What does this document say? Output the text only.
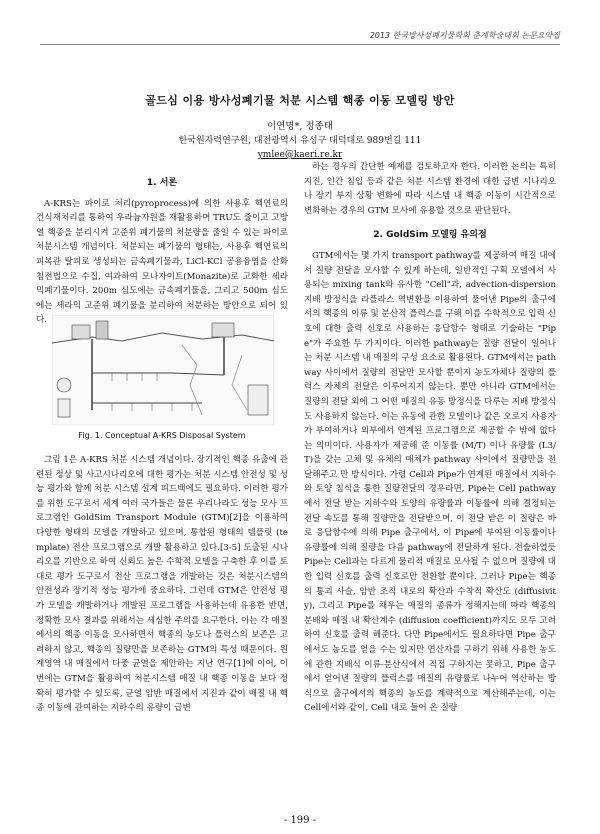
2013 한국방사성폐기물학회 춘계학술대회 논문요약집
골드심 이용 방사성폐기물 처분 시스템 핵종 이동 모델링 방안
이연명*, 정종태
한국원자력연구원, 대전광역시 유성구 대덕대로 989번길 111
ymlee@kaeri.re.kr
1. 서론

A-KRS는 파이로 처리(pyroprocess)에 의한 사용후 핵연료의 건식재처리를 통하여 우라늄자원을 재활용하며 TRU도 줄이고 고방열 핵종을 분리시켜 고준위 폐기물의 처분량을 줄일 수 있는 파이로 처분시스템 개념이다. 처분되는 폐기물의 형태는, 사용후 핵연료의 피복관 탈피로 생성되는 금속폐기물과, LiCl-KCl 공용융염을 산화침전법으로 수집, 여과하여 모나자이트(Monazite)로 고화한 세라믹폐기물이다. 200m 심도에는 금속폐기물을, 그리고 500m 심도에는 세라믹 고준위 폐기물을 분리하여 처분하는 방안으로 되어 있다.

Fig. 1. Conceptual A-KRS Disposal System

그림 1은 A-KRS 처분 시스템 개념이다. 장기적인 핵종 유출에 관련된 정상 및 사고시나리오에 대한 평가는 처분 시스템 안전성 및 성능 평가와 함께 처분 시스템 설계 피드백에도 필요하다. 이러한 평가를 위한 도구로서 세계 여러 국가들은 물론 우리나라도 성능 모사 프로그램인 GoldSim Transport Module (GTM)[2]을 이용하여 다양한 형태의 모델을 개발하고 있으며, 통합된 형태의 템플릿 (template) 전산 프로그램으로 개발 활용하고 있다.[3-5] 도출된 시나리오를 기반으로 하여 신뢰도 높은 수학적 모델을 구축한 후 이를 토대로 평가 도구로서 전산 프로그램을 개발하는 것은 처분시스템의 안전성과 장기적 성능 평가에 중요하다. 그런데 GTM은 안전성 평가 모델을 개발하거나 개발된 프로그램을 사용하는데 유용한 반면, 정확한 모사 결과를 위해서는 세심한 주의를 요구한다. 이는 각 매질에서의 핵종 이동을 모사하면서 핵종의 농도나 플럭스의 보존은 고려하지 않고, 핵종의 질량만을 보존하는 GTM의 특성 때문이다. 원계영역 내 매질에서 다중 균열을 제안하는 지난 연구[1]에 이어, 이번에는 GTM을 활용하여 처분시스템 매질 내 핵종 이동을 보다 정확히 평가할 수 있도록, 균열 암반 매질에서 지진과 같이 매질 내 핵종 이동에 관여하는 지하수의 유량이 급변

하는 경우의 간단한 예제를 검토하고자 한다. 이러한 논의는 특히 지진, 인간 침입 등과 같은 처분 시스템 환경에 대한 급변 시나리오나 장기 부지 상황 변화에 따라 시스템 내 핵종 이동이 시간적으로 변화하는 경우의 GTM 모사에 유용할 것으로 판단된다.

2. GoldSim 모델링 유의점

GTM에서는 몇 가지 transport pathway를 제공하여 매질 내에서 질량 전달을 모사할 수 있게 하는데, 일반적인 구획 모델에서 사용되는 mixing tank와 유사한 "Cell"과, advection-dispersion 지배 방정식을 라플라스 역변환을 이용하여 풀어낸 Pipe의 출구에서의 핵종의 이류 및 분산적 플럭스를 구해 이를 수학적으로 입력 신호에 대한 출력 신호로 사용하는 응답함수 형태로 기술하는 "Pipe"가 주요한 두 가지이다. 이러한 pathway는 질량 전달이 일어나는 처분 시스템 내 매질의 구성 요소로 활용된다. GTM에서는 pathway 사이에서 질량의 전달만 모사할 뿐이지 농도자체나 질량의 플럭스 자체의 전달은 이루어지지 않는다. 뿐만 아니라 GTM에서는 질량의 전달 외에 그 어떤 매질의 유동 방정식을 다루는 지배 방정식도 사용하지 않는다. 이는 유동에 관한 모델이나 값은 오로지 사용자가 부여하거나 외부에서 연계된 프로그램으로 제공할 수 밖에 없다는 의미이다. 사용자가 제공해 준 이동률 (M/T) 이나 유량률 (L3/T)을 갖는 고체 및 유체의 매체가 pathway 사이에서 질량만을 전달해주고 만 방식이다. 가령 Cell과 Pipe가 연계된 매질에서 지하수와 토양 침식을 통한 질량전달의 경우라면, Pipe는 Cell pathway에서 전달 받는 지하수와 토양의 유량률과 이동률에 의해 결정되는 전달 속도를 통해 질량만을 전달받으며, 이 전달 받은 이 질량은 바로 응답함수에 의해 Pipe 출구에서, 이 Pipe에 부여된 이동률이나 유량률에 의해 질량을 다음 pathway에 전달하게 된다. 전술하였듯 Pipe는 Cell과는 다르게 물리적 매질로 모사될 수 없으며 질량에 대한 입력 신호를 출력 신호로만 전환할 뿐이다. 그러나 Pipe는 핵종의 통괴 사슬, 암반 조직 내로의 확산과 수착적 확산도 (diffusivity), 그리고 Pipe를 채우는 매질의 종류가 정해지는데 따라 핵종의 분배와 매질 내 확산계수 (diffusion coefficient)까지도 모두 고려하여 신호를 출력 해준다. 다만 Pipe에서도 필요하다면 Pipe 출구에서도 농도를 얻을 수는 있지만 연산자를 구하기 위해 사용한 농도에 관한 지배식 이류-분산식에서 직접 구하지는 못하고, Pipe 출구에서 얻어낸 질량의 플럭스를 매질의 유량률로 나누어 역산하는 방식으로 출구에서의 핵종의 농도를 계략적으로 계산해주는데, 이는 Cell에서와 같이, Cell 내로 들어 온 질량

- 199 -
